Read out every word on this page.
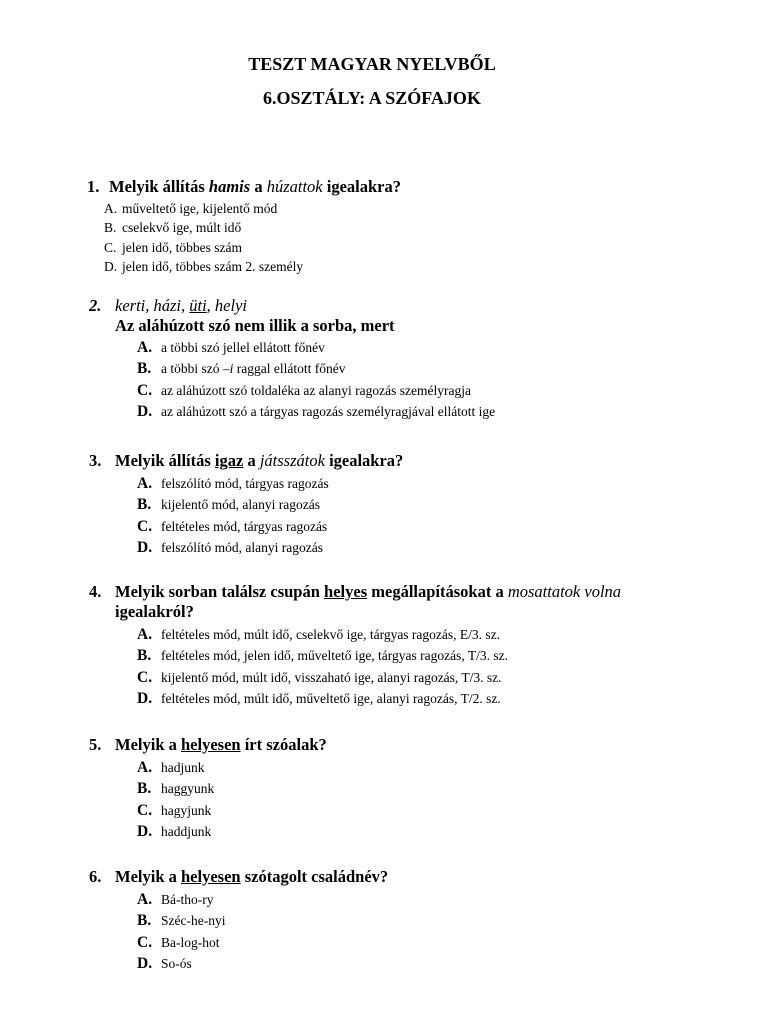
TESZT MAGYAR NYELVBŐL
6.OSZTÁLY: A SZÓFAJOK
1. Melyik állítás hamis a húzattok igealakra?
A. műveltető ige, kijelentő mód
B. cselekvő ige, múlt idő
C. jelen idő, többes szám
D. jelen idő, többes szám 2. személy
2. kerti, házi, üti, helyi
Az aláhúzott szó nem illik a sorba, mert
A. a többi szó jellel ellátott főnév
B. a többi szó –i raggal ellátott főnév
C. az aláhúzott szó toldaléka az alanyi ragozás személyragja
D. az aláhúzott szó a tárgyas ragozás személyragjával ellátott ige
3. Melyik állítás igaz a játsszátok igealakra?
A. felszólító mód, tárgyas ragozás
B. kijelentő mód, alanyi ragozás
C. feltételes mód, tárgyas ragozás
D. felszólító mód, alanyi ragozás
4. Melyik sorban találsz csupán helyes megállapításokat a mosattatok volna
igealakról?
A. feltételes mód, múlt idő, cselekvő ige, tárgyas ragozás, E/3. sz.
B. feltételes mód, jelen idő, műveltető ige, tárgyas ragozás, T/3. sz.
C. kijelentő mód, múlt idő, visszaható ige, alanyi ragozás, T/3. sz.
D. feltételes mód, múlt idő, műveltető ige, alanyi ragozás, T/2. sz.
5. Melyik a helyesen írt szóalak?
A. hadjunk
B. haggyunk
C. hagyjunk
D. haddjunk
6. Melyik a helyesen szótagolt családnév?
A. Bá-tho-ry
B. Széc-he-nyi
C. Ba-log-hot
D. So-ós
